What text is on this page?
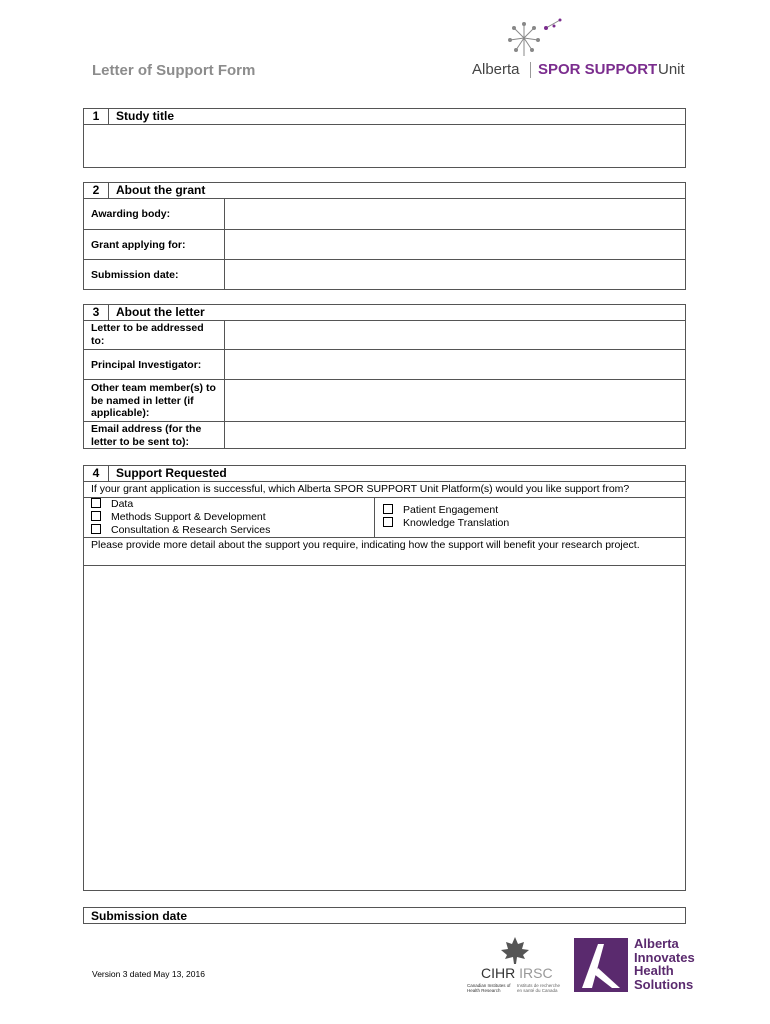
Letter of Support Form	Alberta SPOR SUPPORT Unit
1	Study title
2	About the grant
Awarding body:
Grant applying for:
Submission date:
3	About the letter
Letter to be addressed to:
Principal Investigator:
Other team member(s) to be named in letter (if applicable):
Email address (for the letter to be sent to):
4	Support Requested
If your grant application is successful, which Alberta SPOR SUPPORT Unit Platform(s) would you like support from?
Data
Methods Support & Development
Consultation & Research Services
Patient Engagement
Knowledge Translation
Please provide more detail about the support you require, indicating how the support will benefit your research project.
Submission date
Version 3 dated May 13, 2016	CIHR IRSC
Canadian Institutes of Health Research
Instituts de recherche en santé du Canada
Alberta
Innovates
Health
Solutions
